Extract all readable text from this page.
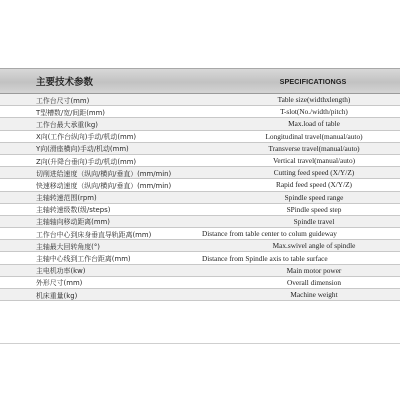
主要技术参数	SPECIFICATIONGS
工作台尺寸(mm)	Table size(widthxlength)
T型槽数/宽/间距(mm)	T-slot(No./width/pitch)
工作台最大承重(kg)	Max.load of table
X向(工作台纵向)手动/机动(mm)	Longitudinal travel(manual/auto)
Y向(滑座横向)手动/机动(mm)	Transverse travel(manual/auto)
Z向(升降台垂向)手动/机动(mm)	Vertical travel(manual/auto)
切削进给速度（纵向/横向/垂直）(mm/min)	Cutting feed speed (X/Y/Z)
快速移动速度（纵向/横向/垂直）(mm/min)	Rapid feed speed (X/Y/Z)
主轴转速范围(rpm)	Spindle speed range
主轴转速级数(级/steps)	SPindle speed step
主轴轴向移动距离(mm)	Spindle travel
工作台中心到床身垂直导轨距离(mm)	Distance from table center to colum guideway
主轴最大回转角度(°)	Max.swivel angle of spindle
主轴中心线到工作台距离(mm)	Distance from Spindle axis to table surface
主电机功率(kw)	Main motor power
外形尺寸(mm)	Overall dimension
机床重量(kg)	Machine weight
